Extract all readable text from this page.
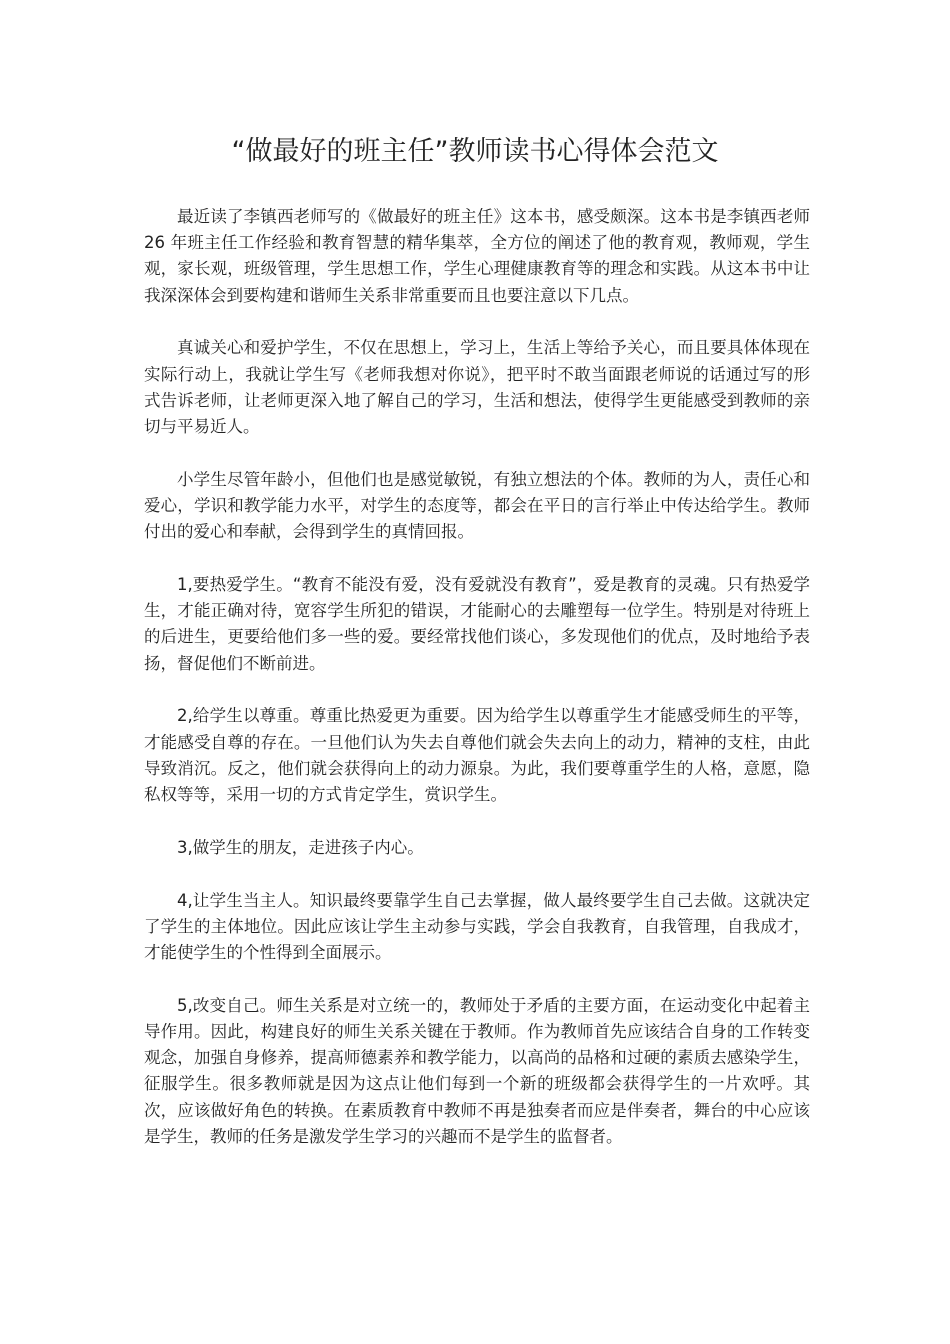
“做最好的班主任”教师读书心得体会范文

最近读了李镇西老师写的《做最好的班主任》这本书，感受颇深。这本书是李镇西老师 26 年班主任工作经验和教育智慧的精华集萃，全方位的阐述了他的教育观，教师观，学生观，家长观，班级管理，学生思想工作，学生心理健康教育等的理念和实践。从这本书中让我深深体会到要构建和谐师生关系非常重要而且也要注意以下几点。

真诚关心和爱护学生，不仅在思想上，学习上，生活上等给予关心，而且要具体体现在实际行动上，我就让学生写《老师我想对你说》，把平时不敢当面跟老师说的话通过写的形式告诉老师，让老师更深入地了解自己的学习，生活和想法，使得学生更能感受到教师的亲切与平易近人。

小学生尽管年龄小，但他们也是感觉敏锐，有独立想法的个体。教师的为人，责任心和爱心，学识和教学能力水平，对学生的态度等，都会在平日的言行举止中传达给学生。教师付出的爱心和奉献，会得到学生的真情回报。

1,要热爱学生。“教育不能没有爱，没有爱就没有教育”，爱是教育的灵魂。只有热爱学生，才能正确对待，宽容学生所犯的错误，才能耐心的去雕塑每一位学生。特别是对待班上的后进生，更要给他们多一些的爱。要经常找他们谈心，多发现他们的优点，及时地给予表扬，督促他们不断前进。

2,给学生以尊重。尊重比热爱更为重要。因为给学生以尊重学生才能感受师生的平等，才能感受自尊的存在。一旦他们认为失去自尊他们就会失去向上的动力，精神的支柱，由此导致消沉。反之，他们就会获得向上的动力源泉。为此，我们要尊重学生的人格，意愿，隐私权等等，采用一切的方式肯定学生，赏识学生。

3,做学生的朋友，走进孩子内心。

4,让学生当主人。知识最终要靠学生自己去掌握，做人最终要学生自己去做。这就决定了学生的主体地位。因此应该让学生主动参与实践，学会自我教育，自我管理，自我成才，才能使学生的个性得到全面展示。

5,改变自己。师生关系是对立统一的，教师处于矛盾的主要方面，在运动变化中起着主导作用。因此，构建良好的师生关系关键在于教师。作为教师首先应该结合自身的工作转变观念，加强自身修养，提高师德素养和教学能力，以高尚的品格和过硬的素质去感染学生，征服学生。很多教师就是因为这点让他们每到一个新的班级都会获得学生的一片欢呼。其次，应该做好角色的转换。在素质教育中教师不再是独奏者而应是伴奏者，舞台的中心应该是学生，教师的任务是激发学生学习的兴趣而不是学生的监督者。
